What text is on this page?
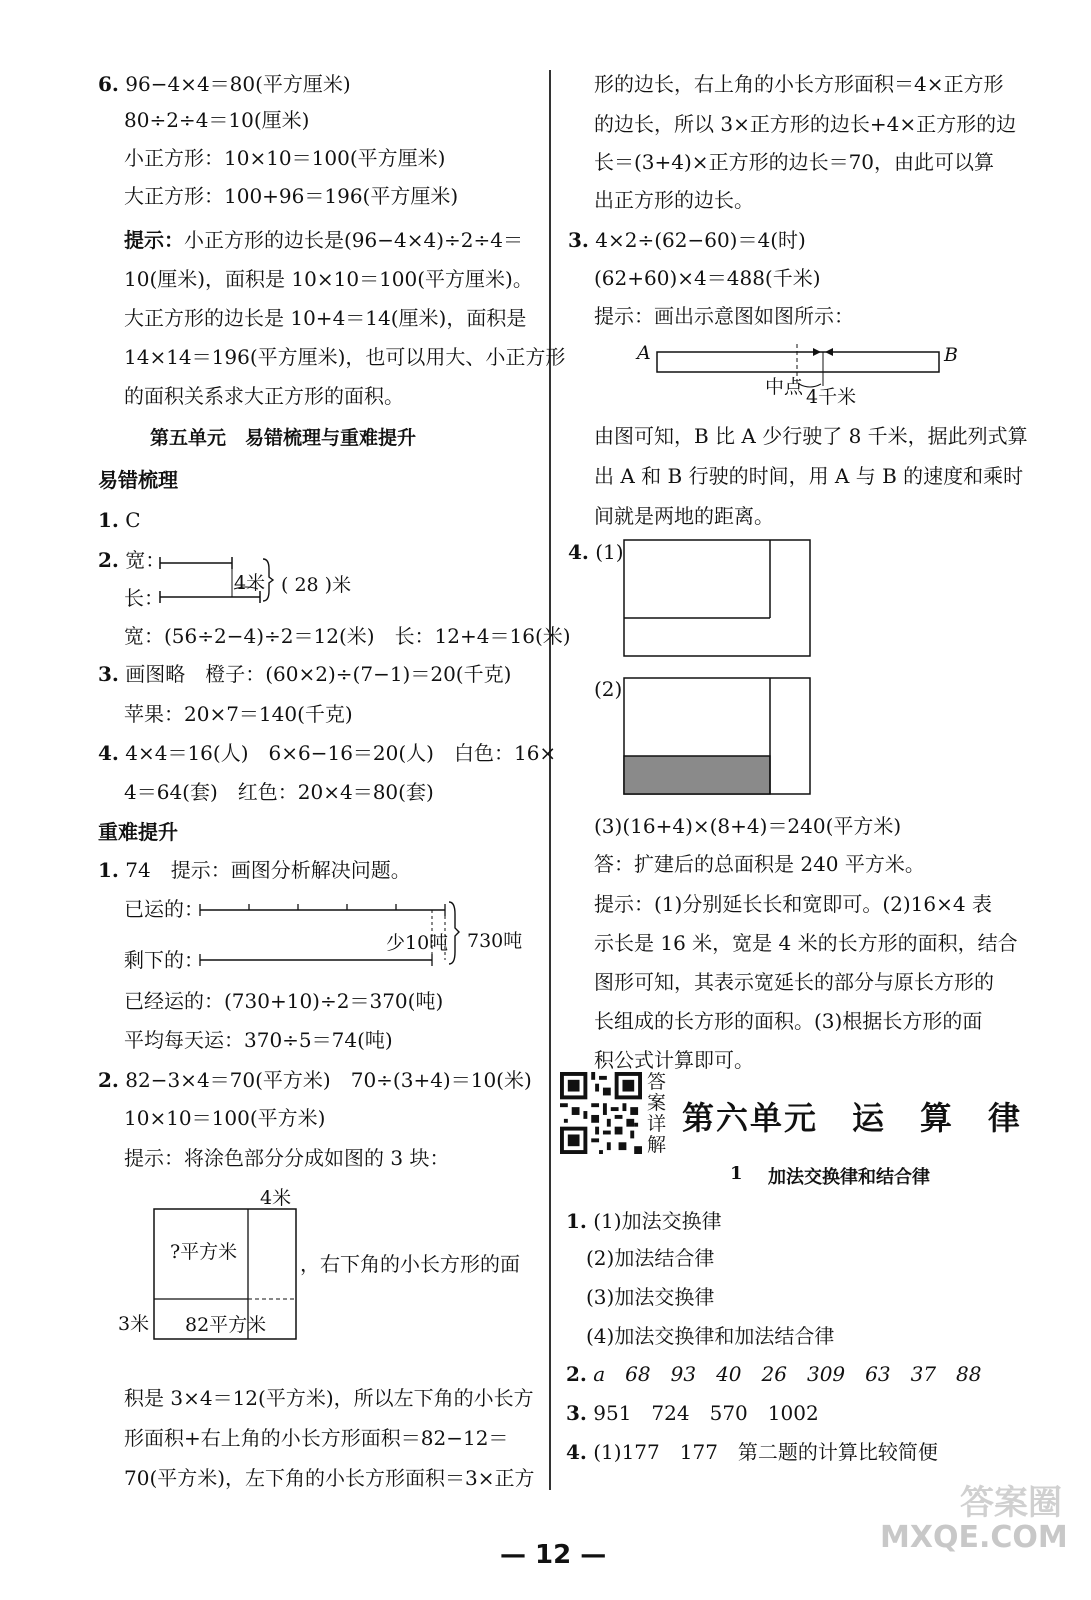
6. 96−4×4＝80(平方厘米)
80÷2÷4＝10(厘米)
小正方形：10×10＝100(平方厘米)
大正方形：100+96＝196(平方厘米)
提示：小正方形的边长是(96−4×4)÷2÷4＝
10(厘米)，面积是 10×10＝100(平方厘米)。
大正方形的边长是 10+4＝14(厘米)，面积是
14×14＝196(平方厘米)，也可以用大、小正方形
的面积关系求大正方形的面积。
第五单元　易错梳理与重难提升
易错梳理
1. C
2. 宽：
长：
4米 ( 28 )米
宽：(56÷2−4)÷2＝12(米)　 长：12+4＝16(米)
3. 画图略　橙子：(60×2)÷(7−1)＝20(千克)
苹果：20×7＝140(千克)
4. 4×4＝16(人)　6×6−16＝20(人)　白色：16×
4＝64(套)　红色：20×4＝80(套)
重难提升
1. 74　提示：画图分析解决问题。
已运的：
剩下的：
少10吨 730吨
已经运的：(730+10)÷2＝370(吨)
平均每天运：370÷5＝74(吨)
2. 82−3×4＝70(平方米)　70÷(3+4)＝10(米)
10×10＝100(平方米)
提示：将涂色部分分成如图的 3 块：
4米
?平方米
3米 82平方米
，右下角的小长方形的面
积是 3×4＝12(平方米)，所以左下角的小长方
形面积+右上角的小长方形面积＝82−12＝
70(平方米)，左下角的小长方形面积＝3×正方
形的边长，右上角的小长方形面积＝4×正方形
的边长，所以 3×正方形的边长+4×正方形的边
长＝(3+4)×正方形的边长＝70，由此可以算
出正方形的边长。
3. 4×2÷(62−60)＝4(时)
(62+60)×4＝488(千米)
提示：画出示意图如图所示：
A	B
中点 4千米
由图可知，B 比 A 少行驶了 8 千米，据此列式算
出 A 和 B 行驶的时间，用 A 与 B 的速度和乘时
间就是两地的距离。
4. (1)
(2)
(3)(16+4)×(8+4)＝240(平方米)
答：扩建后的总面积是 240 平方米。
提示：(1)分别延长长和宽即可。(2)16×4 表
示长是 16 米，宽是 4 米的长方形的面积，结合
图形可知，其表示宽延长的部分与原长方形的
长组成的长方形的面积。(3)根据长方形的面
积公式计算即可。
答案详解
第六单元　运　算　律
1 加法交换律和结合律
1. (1)加法交换律
(2)加法结合律
(3)加法交换律
(4)加法交换律和加法结合律
2. a　68　93　40　26　309　63　37　88
3. 951　724　570　1002
4. (1)177　177　第二题的计算比较简便
— 12 —
答案圈
MXQE.COM
